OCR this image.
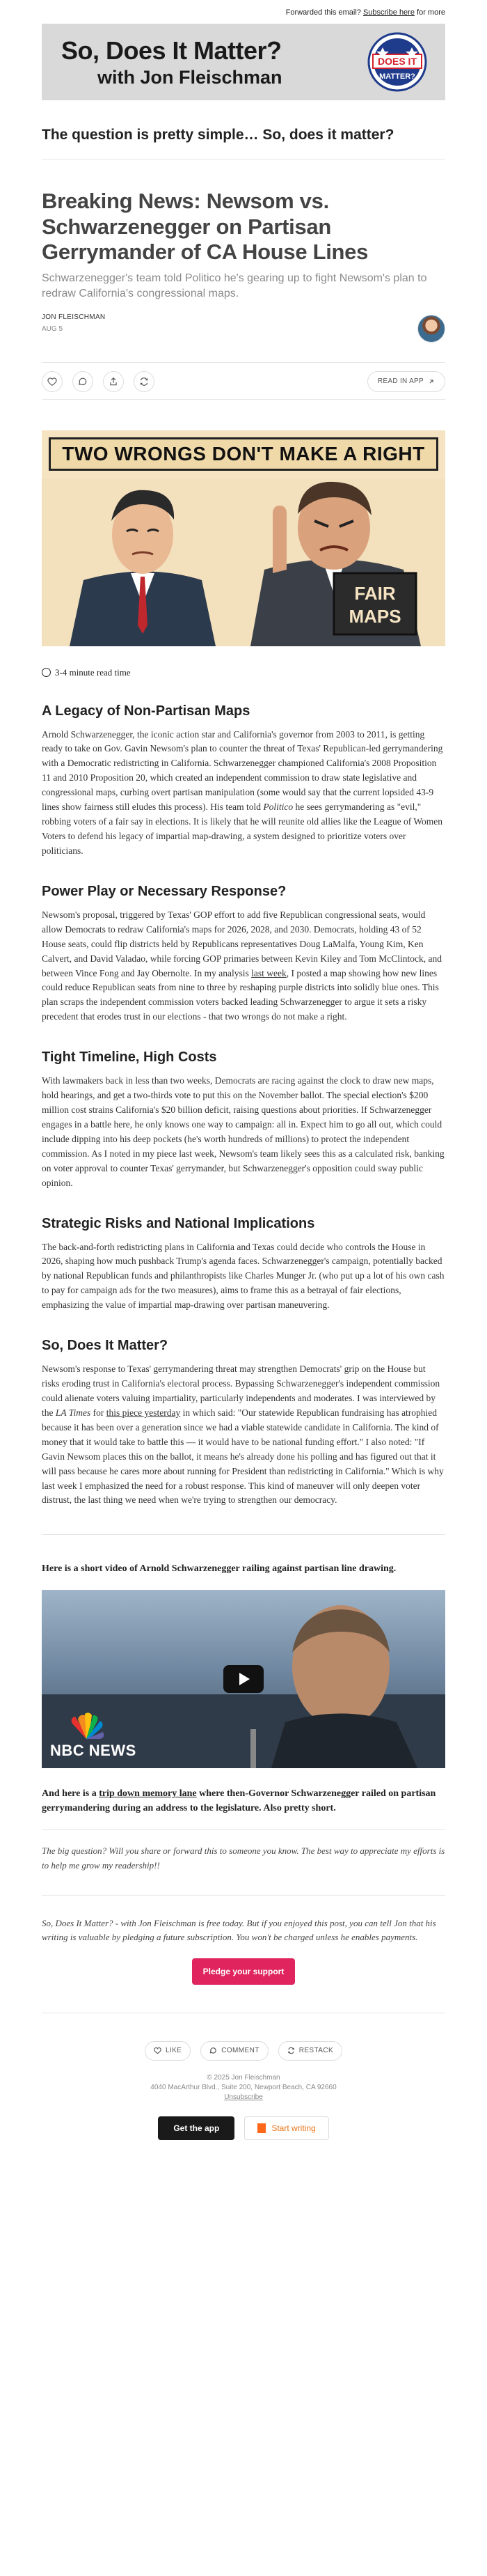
Forwarded this email? Subscribe here for more
So, Does It Matter?
with Jon Fleischman
DOES IT
MATTER?
The question is pretty simple… So, does it matter?
Breaking News: Newsom vs. Schwarzenegger on Partisan Gerrymander of CA House Lines
Schwarzenegger's team told Politico he's gearing up to fight Newsom's plan to redraw California's congressional maps.
JON FLEISCHMAN
AUG 5
READ IN APP
TWO WRONGS DON'T MAKE A RIGHT
FAIR
MAPS
3-4 minute read time
A Legacy of Non-Partisan Maps

Arnold Schwarzenegger, the iconic action star and California's governor from 2003 to 2011, is getting ready to take on Gov. Gavin Newsom's plan to counter the threat of Texas' Republican-led gerrymandering with a Democratic redistricting in California. Schwarzenegger championed California's 2008 Proposition 11 and 2010 Proposition 20, which created an independent commission to draw state legislative and congressional maps, curbing overt partisan manipulation (some would say that the current lopsided 43-9 lines show fairness still eludes this process). His team told Politico he sees gerrymandering as "evil," robbing voters of a fair say in elections. It is likely that he will reunite old allies like the League of Women Voters to defend his legacy of impartial map-drawing, a system designed to prioritize voters over politicians.

Power Play or Necessary Response?

Newsom's proposal, triggered by Texas' GOP effort to add five Republican congressional seats, would allow Democrats to redraw California's maps for 2026, 2028, and 2030. Democrats, holding 43 of 52 House seats, could flip districts held by Republicans representatives Doug LaMalfa, Young Kim, Ken Calvert, and David Valadao, while forcing GOP primaries between Kevin Kiley and Tom McClintock, and between Vince Fong and Jay Obernolte. In my analysis last week, I posted a map showing how new lines could reduce Republican seats from nine to three by reshaping purple districts into solidly blue ones. This plan scraps the independent commission voters backed leading Schwarzenegger to argue it sets a risky precedent that erodes trust in our elections - that two wrongs do not make a right.

Tight Timeline, High Costs

With lawmakers back in less than two weeks, Democrats are racing against the clock to draw new maps, hold hearings, and get a two-thirds vote to put this on the November ballot. The special election's $200 million cost strains California's $20 billion deficit, raising questions about priorities. If Schwarzenegger engages in a battle here, he only knows one way to campaign: all in. Expect him to go all out, which could include dipping into his deep pockets (he's worth hundreds of millions) to protect the independent commission. As I noted in my piece last week, Newsom's team likely sees this as a calculated risk, banking on voter approval to counter Texas' gerrymander, but Schwarzenegger's opposition could sway public opinion.

Strategic Risks and National Implications

The back-and-forth redistricting plans in California and Texas could decide who controls the House in 2026, shaping how much pushback Trump's agenda faces. Schwarzenegger's campaign, potentially backed by national Republican funds and philanthropists like Charles Munger Jr. (who put up a lot of his own cash to pay for campaign ads for the two measures), aims to frame this as a betrayal of fair elections, emphasizing the value of impartial map-drawing over partisan maneuvering.

So, Does It Matter?

Newsom's response to Texas' gerrymandering threat may strengthen Democrats' grip on the House but risks eroding trust in California's electoral process. Bypassing Schwarzenegger's independent commission could alienate voters valuing impartiality, particularly independents and moderates. I was interviewed by the LA Times for this piece yesterday in which said: "Our statewide Republican fundraising has atrophied because it has been over a generation since we had a viable statewide candidate in California. The kind of money that it would take to battle this — it would have to be national funding effort." I also noted: "If Gavin Newsom places this on the ballot, it means he's already done his polling and has figured out that it will pass because he cares more about running for President than redistricting in California." Which is why last week I emphasized the need for a robust response. This kind of maneuver will only deepen voter distrust, the last thing we need when we're trying to strengthen our democracy.

Here is a short video of Arnold Schwarzenegger railing against partisan line drawing.

NBC NEWS

And here is a trip down memory lane where then-Governor Schwarzenegger railed on partisan gerrymandering during an address to the legislature. Also pretty short.

The big question? Will you share or forward this to someone you know. The best way to appreciate my efforts is to help me grow my readership!!

So, Does It Matter? - with Jon Fleischman is free today. But if you enjoyed this post, you can tell Jon that his writing is valuable by pledging a future subscription. You won't be charged unless he enables payments.

Pledge your support
LIKE	COMMENT	RESTACK
© 2025 Jon Fleischman
4040 MacArthur Blvd., Suite 200, Newport Beach, CA 92660
Unsubscribe
Get the app	Start writing
